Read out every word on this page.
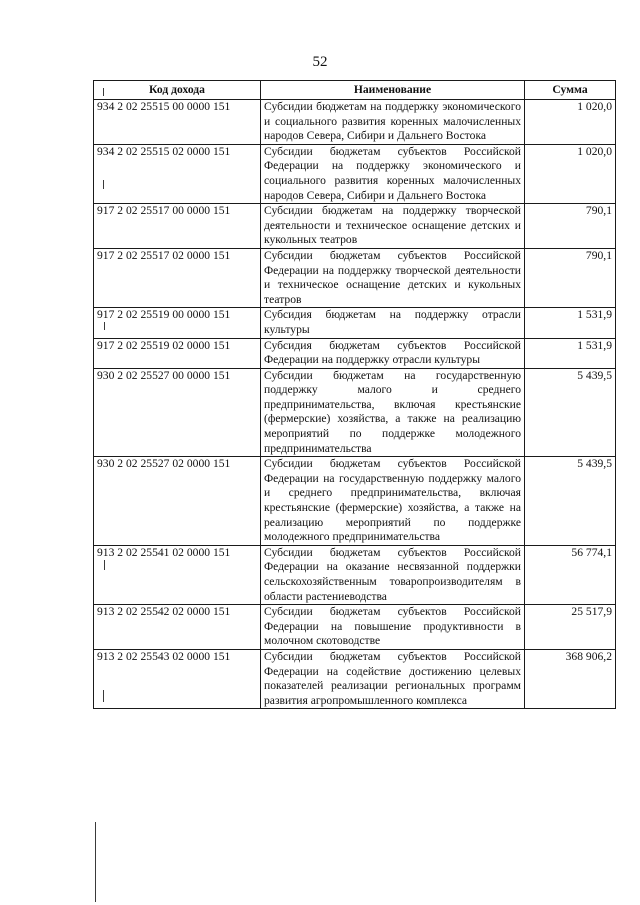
52
Код дохода	Наименование	Сумма
934 2 02 25515 00 0000 151	Субсидии бюджетам на поддержку экономического и социального развития коренных малочисленных народов Севера, Сибири и Дальнего Востока	1 020,0
934 2 02 25515 02 0000 151	Субсидии бюджетам субъектов Российской Федерации на поддержку экономического и социального развития коренных малочисленных народов Севера, Сибири и Дальнего Востока	1 020,0
917 2 02 25517 00 0000 151	Субсидии бюджетам на поддержку творческой деятельности и техническое оснащение детских и кукольных театров	790,1
917 2 02 25517 02 0000 151	Субсидии бюджетам субъектов Российской Федерации на поддержку творческой деятельности и техническое оснащение детских и кукольных театров	790,1
917 2 02 25519 00 0000 151	Субсидия бюджетам на поддержку отрасли культуры	1 531,9
917 2 02 25519 02 0000 151	Субсидия бюджетам субъектов Российской Федерации на поддержку отрасли культуры	1 531,9
930 2 02 25527 00 0000 151	Субсидии бюджетам на государственную поддержку малого и среднего предпринимательства, включая крестьянские (фермерские) хозяйства, а также на реализацию мероприятий по поддержке молодежного предпринимательства	5 439,5
930 2 02 25527 02 0000 151	Субсидии бюджетам субъектов Российской Федерации на государственную поддержку малого и среднего предпринимательства, включая крестьянские (фермерские) хозяйства, а также на реализацию мероприятий по поддержке молодежного предпринимательства	5 439,5
913 2 02 25541 02 0000 151	Субсидии бюджетам субъектов Российской Федерации на оказание несвязанной поддержки сельскохозяйственным товаропроизводителям в области растениеводства	56 774,1
913 2 02 25542 02 0000 151	Субсидии бюджетам субъектов Российской Федерации на повышение продуктивности в молочном скотоводстве	25 517,9
913 2 02 25543 02 0000 151	Субсидии бюджетам субъектов Российской Федерации на содействие достижению целевых показателей реализации региональных программ развития агропромышленного комплекса	368 906,2
